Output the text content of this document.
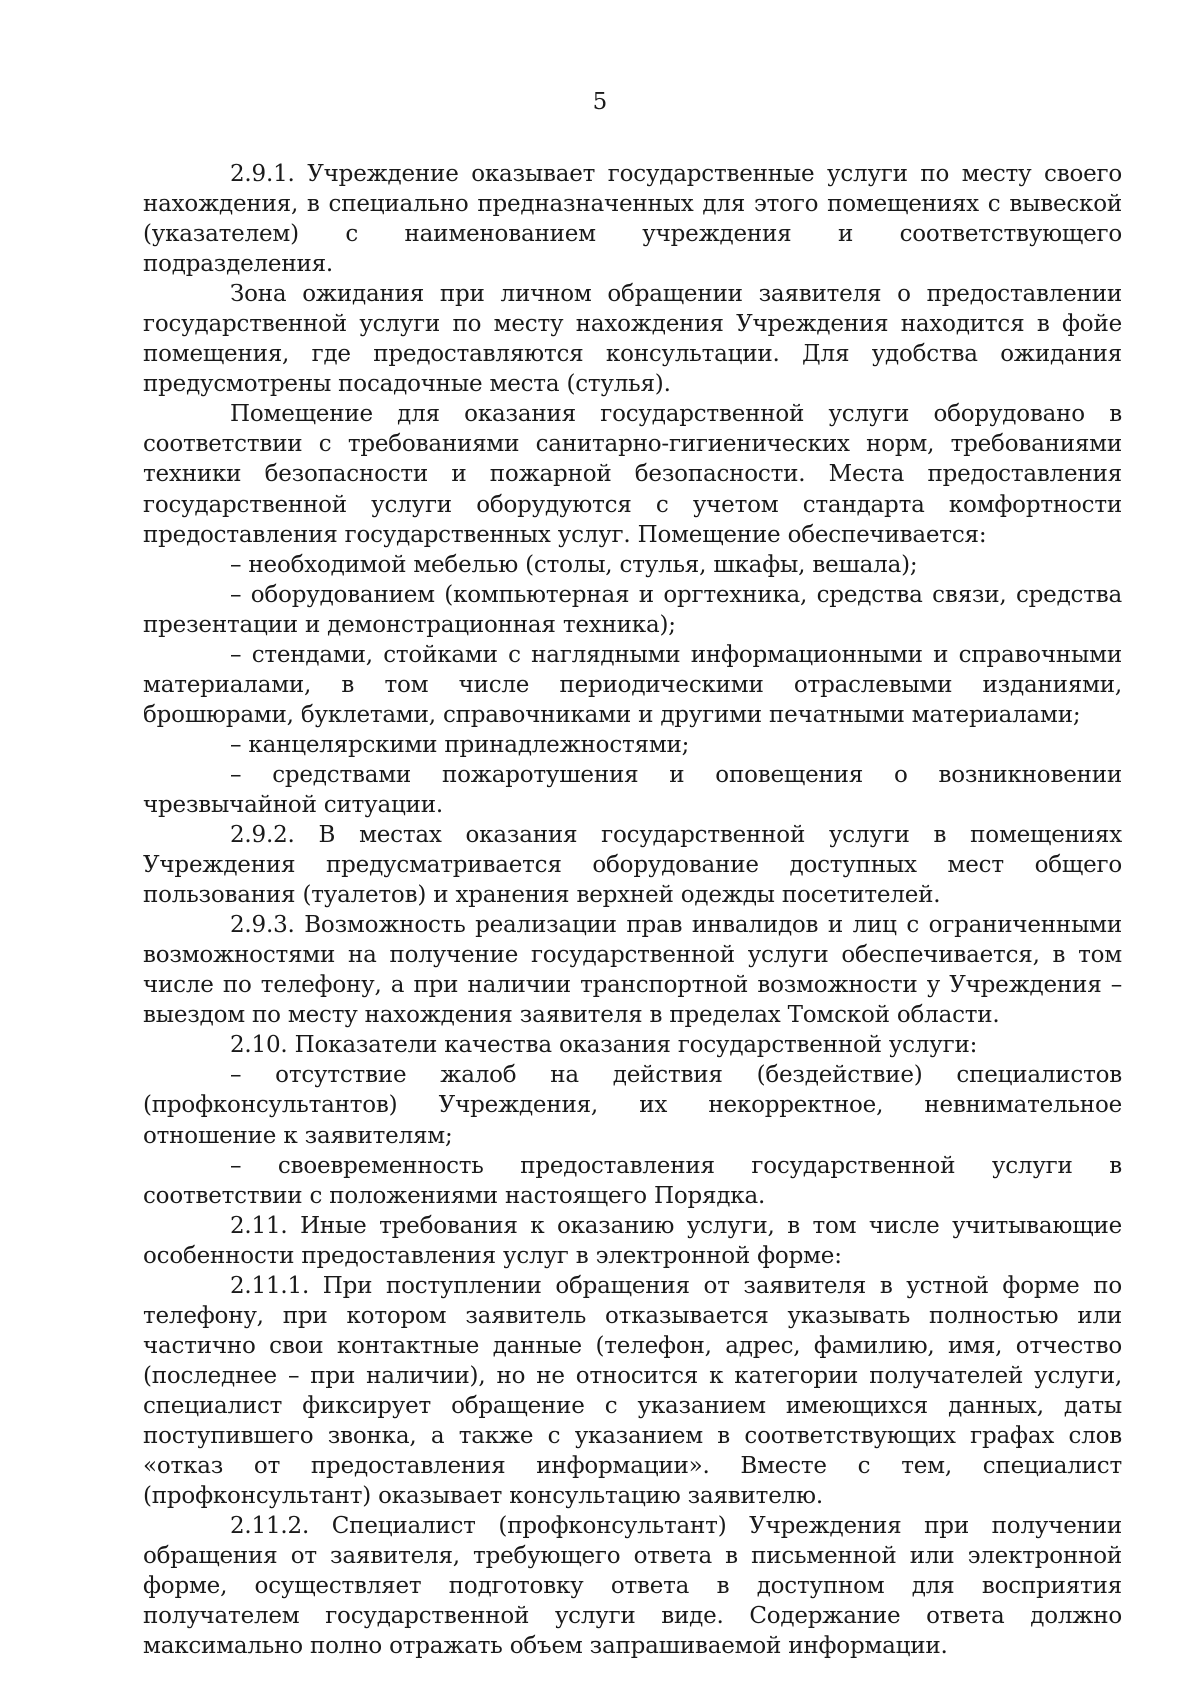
5

2.9.1. Учреждение оказывает государственные услуги по месту своего нахождения, в специально предназначенных для этого помещениях с вывеской (указателем) с наименованием учреждения и соответствующего подразделения.

Зона ожидания при личном обращении заявителя о предоставлении государственной услуги по месту нахождения Учреждения находится в фойе помещения, где предоставляются консультации. Для удобства ожидания предусмотрены посадочные места (стулья).

Помещение для оказания государственной услуги оборудовано в соответствии с требованиями санитарно-гигиенических норм, требованиями техники безопасности и пожарной безопасности. Места предоставления государственной услуги оборудуются с учетом стандарта комфортности предоставления государственных услуг. Помещение обеспечивается:

– необходимой мебелью (столы, стулья, шкафы, вешала);

– оборудованием (компьютерная и оргтехника, средства связи, средства презентации и демонстрационная техника);

– стендами, стойками с наглядными информационными и справочными материалами, в том числе периодическими отраслевыми изданиями, брошюрами, буклетами, справочниками и другими печатными материалами;

– канцелярскими принадлежностями;

– средствами пожаротушения и оповещения о возникновении чрезвычайной ситуации.

2.9.2. В местах оказания государственной услуги в помещениях Учреждения предусматривается оборудование доступных мест общего пользования (туалетов) и хранения верхней одежды посетителей.

2.9.3. Возможность реализации прав инвалидов и лиц с ограниченными возможностями на получение государственной услуги обеспечивается, в том числе по телефону, а при наличии транспортной возможности у Учреждения – выездом по месту нахождения заявителя в пределах Томской области.

2.10. Показатели качества оказания государственной услуги:

– отсутствие жалоб на действия (бездействие) специалистов (профконсультантов) Учреждения, их некорректное, невнимательное отношение к заявителям;

– своевременность предоставления государственной услуги в соответствии с положениями настоящего Порядка.

2.11. Иные требования к оказанию услуги, в том числе учитывающие особенности предоставления услуг в электронной форме:

2.11.1. При поступлении обращения от заявителя в устной форме по телефону, при котором заявитель отказывается указывать полностью или частично свои контактные данные (телефон, адрес, фамилию, имя, отчество (последнее – при наличии), но не относится к категории получателей услуги, специалист фиксирует обращение с указанием имеющихся данных, даты поступившего звонка, а также с указанием в соответствующих графах слов «отказ от предоставления информации». Вместе с тем, специалист (профконсультант) оказывает консультацию заявителю.

2.11.2. Специалист (профконсультант) Учреждения при получении обращения от заявителя, требующего ответа в письменной или электронной форме, осуществляет подготовку ответа в доступном для восприятия получателем государственной услуги виде. Содержание ответа должно максимально полно отражать объем запрашиваемой информации.
